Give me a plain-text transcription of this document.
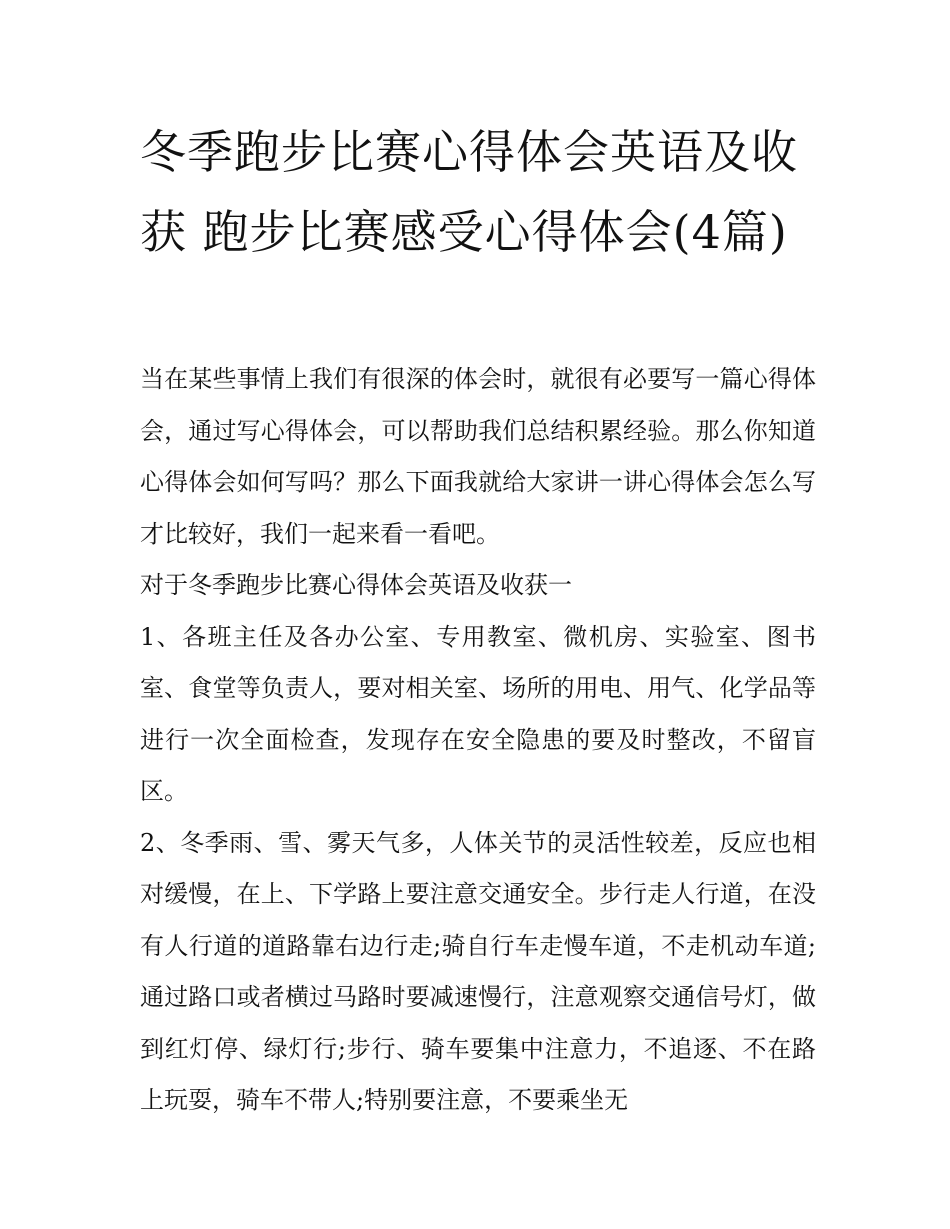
冬季跑步比赛心得体会英语及收获 跑步比赛感受心得体会(4篇)

当在某些事情上我们有很深的体会时，就很有必要写一篇心得体会，通过写心得体会，可以帮助我们总结积累经验。那么你知道心得体会如何写吗？那么下面我就给大家讲一讲心得体会怎么写才比较好，我们一起来看一看吧。

对于冬季跑步比赛心得体会英语及收获一

1、各班主任及各办公室、专用教室、微机房、实验室、图书室、食堂等负责人，要对相关室、场所的用电、用气、化学品等进行一次全面检查，发现存在安全隐患的要及时整改，不留盲区。

2、冬季雨、雪、雾天气多，人体关节的灵活性较差，反应也相对缓慢，在上、下学路上要注意交通安全。步行走人行道，在没有人行道的道路靠右边行走;骑自行车走慢车道，不走机动车道;通过路口或者横过马路时要减速慢行，注意观察交通信号灯，做到红灯停、绿灯行;步行、骑车要集中注意力，不追逐、不在路上玩耍，骑车不带人;特别要注意，不要乘坐无
